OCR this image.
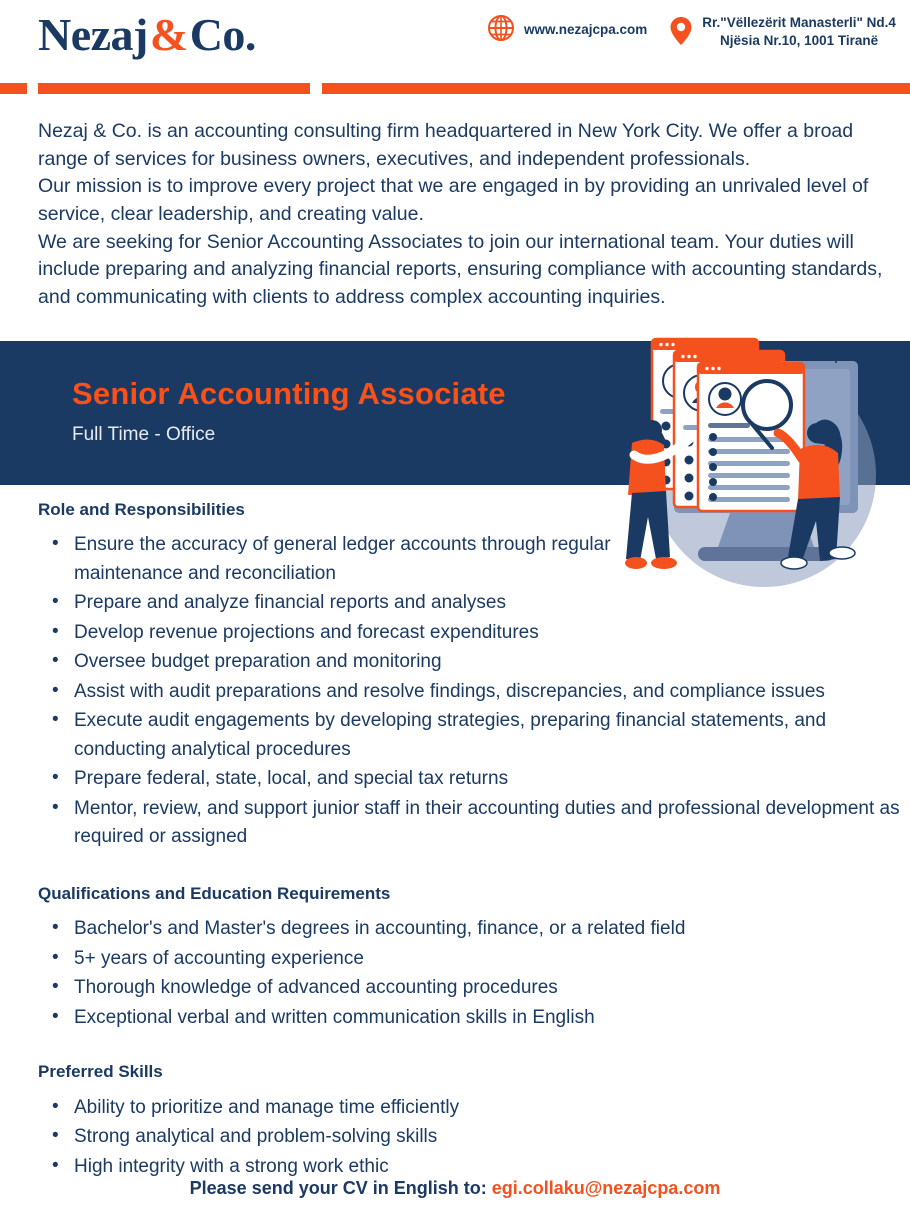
Nezaj&Co.	www.nezajcpa.com	Rr."Vëllezërit Manasterli" Nd.4
Njësia Nr.10, 1001 Tiranë

Nezaj & Co. is an accounting consulting firm headquartered in New York City. We offer a broad range of services for business owners, executives, and independent professionals.

Our mission is to improve every project that we are engaged in by providing an unrivaled level of service, clear leadership, and creating value.

We are seeking for Senior Accounting Associates to join our international team. Your duties will include preparing and analyzing financial reports, ensuring compliance with accounting standards, and communicating with clients to address complex accounting inquiries.

Senior Accounting Associate
Full Time - Office
Role and Responsibilities
• Ensure the accuracy of general ledger accounts through regular maintenance and reconciliation
• Prepare and analyze financial reports and analyses
• Develop revenue projections and forecast expenditures
• Oversee budget preparation and monitoring
• Assist with audit preparations and resolve findings, discrepancies, and compliance issues
• Execute audit engagements by developing strategies, preparing financial statements, and conducting analytical procedures
• Prepare federal, state, local, and special tax returns
• Mentor, review, and support junior staff in their accounting duties and professional development as required or assigned
Qualifications and Education Requirements
• Bachelor's and Master's degrees in accounting, finance, or a related field
• 5+ years of accounting experience
• Thorough knowledge of advanced accounting procedures
• Exceptional verbal and written communication skills in English
Preferred Skills
• Ability to prioritize and manage time efficiently
• Strong analytical and problem-solving skills
• High integrity with a strong work ethic
Please send your CV in English to: egi.collaku@nezajcpa.com
